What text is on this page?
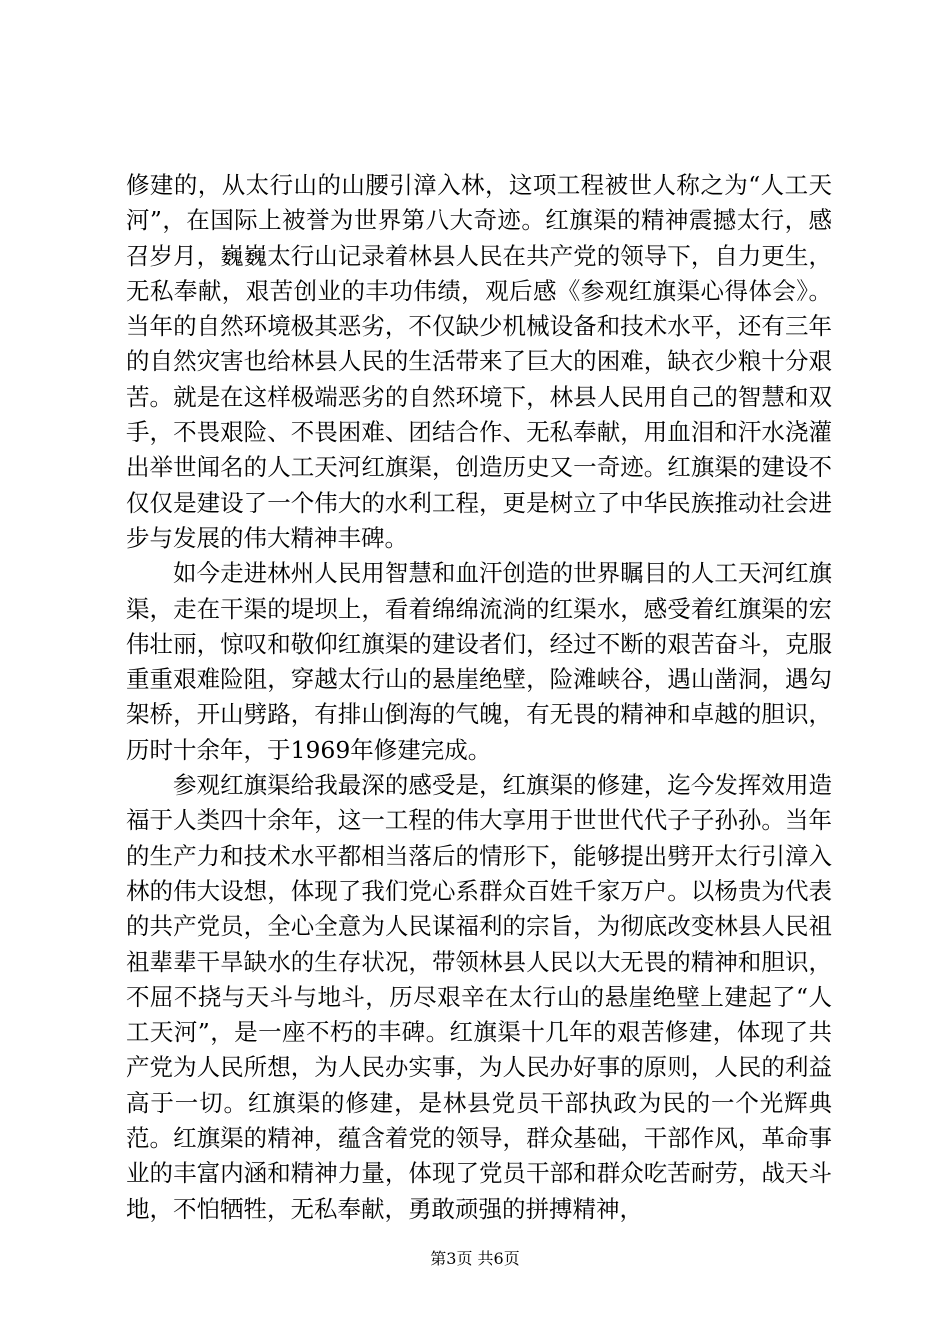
修建的，从太行山的山腰引漳入林，这项工程被世人称之为“人工天河”，在国际上被誉为世界第八大奇迹。红旗渠的精神震撼太行，感召岁月，巍巍太行山记录着林县人民在共产党的领导下，自力更生，无私奉献，艰苦创业的丰功伟绩，观后感《参观红旗渠心得体会》。当年的自然环境极其恶劣，不仅缺少机械设备和技术水平，还有三年的自然灾害也给林县人民的生活带来了巨大的困难，缺衣少粮十分艰苦。就是在这样极端恶劣的自然环境下，林县人民用自己的智慧和双手，不畏艰险、不畏困难、团结合作、无私奉献，用血泪和汗水浇灌出举世闻名的人工天河红旗渠，创造历史又一奇迹。红旗渠的建设不仅仅是建设了一个伟大的水利工程，更是树立了中华民族推动社会进步与发展的伟大精神丰碑。

如今走进林州人民用智慧和血汗创造的世界瞩目的人工天河红旗渠，走在干渠的堤坝上，看着绵绵流淌的红渠水，感受着红旗渠的宏伟壮丽，惊叹和敬仰红旗渠的建设者们，经过不断的艰苦奋斗，克服重重艰难险阻，穿越太行山的悬崖绝壁，险滩峡谷，遇山凿洞，遇勾架桥，开山劈路，有排山倒海的气魄，有无畏的精神和卓越的胆识，历时十余年，于1969年修建完成。

参观红旗渠给我最深的感受是，红旗渠的修建，迄今发挥效用造福于人类四十余年，这一工程的伟大享用于世世代代子子孙孙。当年的生产力和技术水平都相当落后的情形下，能够提出劈开太行引漳入林的伟大设想，体现了我们党心系群众百姓千家万户。以杨贵为代表的共产党员，全心全意为人民谋福利的宗旨，为彻底改变林县人民祖祖辈辈干旱缺水的生存状况，带领林县人民以大无畏的精神和胆识，不屈不挠与天斗与地斗，历尽艰辛在太行山的悬崖绝壁上建起了“人工天河”，是一座不朽的丰碑。红旗渠十几年的艰苦修建，体现了共产党为人民所想，为人民办实事，为人民办好事的原则，人民的利益高于一切。红旗渠的修建，是林县党员干部执政为民的一个光辉典范。红旗渠的精神，蕴含着党的领导，群众基础，干部作风，革命事业的丰富内涵和精神力量，体现了党员干部和群众吃苦耐劳，战天斗地，不怕牺牲，无私奉献，勇敢顽强的拼搏精神，

第3页 共6页
